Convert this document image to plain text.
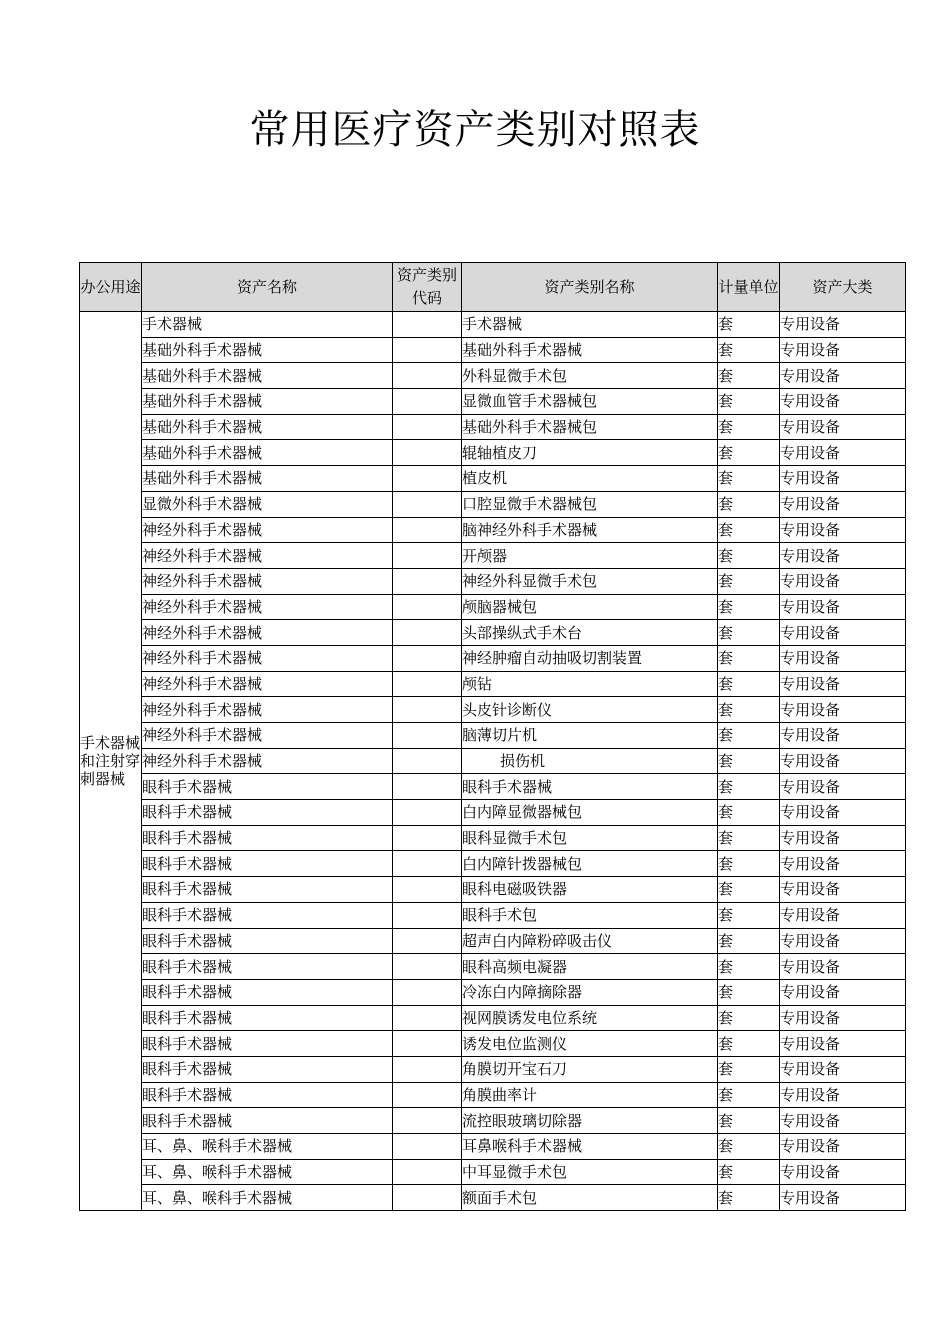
常用医疗资产类别对照表
办公用途	资产名称	资产类别代码	资产类别名称	计量单位	资产大类
手术器械和注射穿刺器械	手术器械		手术器械	套	专用设备
	基础外科手术器械		基础外科手术器械	套	专用设备
	基础外科手术器械		外科显微手术包	套	专用设备
	基础外科手术器械		显微血管手术器械包	套	专用设备
	基础外科手术器械		基础外科手术器械包	套	专用设备
	基础外科手术器械		辊轴植皮刀	套	专用设备
	基础外科手术器械		植皮机	套	专用设备
	显微外科手术器械		口腔显微手术器械包	套	专用设备
	神经外科手术器械		脑神经外科手术器械	套	专用设备
	神经外科手术器械		开颅器	套	专用设备
	神经外科手术器械		神经外科显微手术包	套	专用设备
	神经外科手术器械		颅脑器械包	套	专用设备
	神经外科手术器械		头部操纵式手术台	套	专用设备
	神经外科手术器械		神经肿瘤自动抽吸切割装置	套	专用设备
	神经外科手术器械		颅钻	套	专用设备
	神经外科手术器械		头皮针诊断仪	套	专用设备
	神经外科手术器械		脑薄切片机	套	专用设备
	神经外科手术器械		损伤机	套	专用设备
	眼科手术器械		眼科手术器械	套	专用设备
	眼科手术器械		白内障显微器械包	套	专用设备
	眼科手术器械		眼科显微手术包	套	专用设备
	眼科手术器械		白内障针拨器械包	套	专用设备
	眼科手术器械		眼科电磁吸铁器	套	专用设备
	眼科手术器械		眼科手术包	套	专用设备
	眼科手术器械		超声白内障粉碎吸击仪	套	专用设备
	眼科手术器械		眼科高频电凝器	套	专用设备
	眼科手术器械		冷冻白内障摘除器	套	专用设备
	眼科手术器械		视网膜诱发电位系统	套	专用设备
	眼科手术器械		诱发电位监测仪	套	专用设备
	眼科手术器械		角膜切开宝石刀	套	专用设备
	眼科手术器械		角膜曲率计	套	专用设备
	眼科手术器械		流控眼玻璃切除器	套	专用设备
	耳、鼻、喉科手术器械		耳鼻喉科手术器械	套	专用设备
	耳、鼻、喉科手术器械		中耳显微手术包	套	专用设备
	耳、鼻、喉科手术器械		额面手术包	套	专用设备
